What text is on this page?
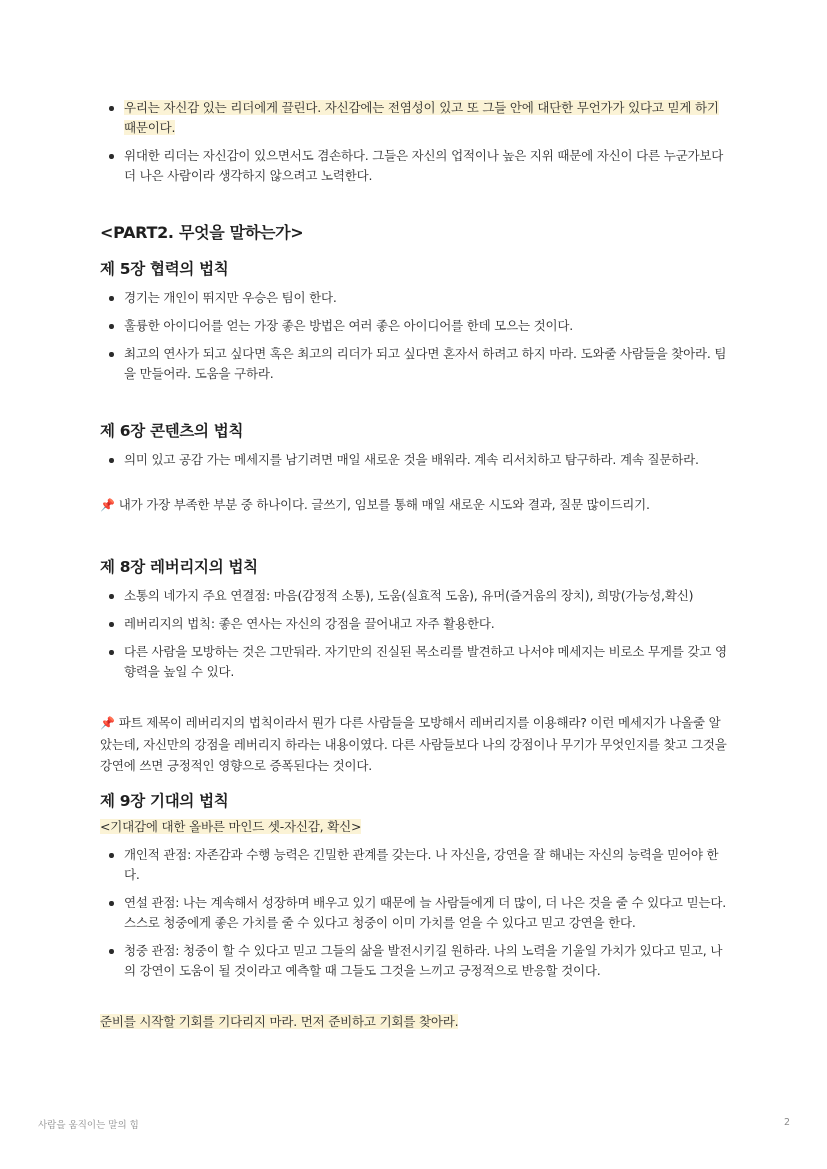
우리는 자신감 있는 리더에게 끌린다. 자신감에는 전염성이 있고 또 그들 안에 대단한 무언가가 있다고 믿게 하기 때문이다.
위대한 리더는 자신감이 있으면서도 겸손하다. 그들은 자신의 업적이나 높은 지위 때문에 자신이 다른 누군가보다 더 나은 사람이라 생각하지 않으려고 노력한다.
<PART2. 무엇을 말하는가>
제 5장 협력의 법칙
경기는 개인이 뛰지만 우승은 팀이 한다.
훌륭한 아이디어를 얻는 가장 좋은 방법은 여러 좋은 아이디어를 한데 모으는 것이다.
최고의 연사가 되고 싶다면 혹은 최고의 리더가 되고 싶다면 혼자서 하려고 하지 마라. 도와줄 사람들을 찾아라. 팀을 만들어라. 도움을 구하라.
제 6장 콘텐츠의 법칙
의미 있고 공감 가는 메세지를 남기려면 매일 새로운 것을 배워라. 계속 리서치하고 탐구하라. 계속 질문하라.

📌 내가 가장 부족한 부분 중 하나이다. 글쓰기, 임보를 통해 매일 새로운 시도와 결과, 질문 많이드리기.

제 8장 레버리지의 법칙
소통의 네가지 주요 연결점: 마음(감정적 소통), 도움(실효적 도움), 유머(즐거움의 장치), 희망(가능성,확신)
레버리지의 법칙: 좋은 연사는 자신의 강점을 끌어내고 자주 활용한다.
다른 사람을 모방하는 것은 그만둬라. 자기만의 진실된 목소리를 발견하고 나서야 메세지는 비로소 무게를 갖고 영향력을 높일 수 있다.

📌 파트 제목이 레버리지의 법칙이라서 뭔가 다른 사람들을 모방해서 레버리지를 이용해라? 이런 메세지가 나올줄 알았는데, 자신만의 강점을 레버리지 하라는 내용이였다. 다른 사람들보다 나의 강점이나 무기가 무엇인지를 찾고 그것을 강연에 쓰면 긍정적인 영향으로 증폭된다는 것이다.

제 9장 기대의 법칙

<기대감에 대한 올바른 마인드 셋-자신감, 확신>

개인적 관점: 자존감과 수행 능력은 긴밀한 관계를 갖는다. 나 자신을, 강연을 잘 해내는 자신의 능력을 믿어야 한다.
연설 관점: 나는 계속해서 성장하며 배우고 있기 때문에 늘 사람들에게 더 많이, 더 나은 것을 줄 수 있다고 믿는다. 스스로 청중에게 좋은 가치를 줄 수 있다고 청중이 이미 가치를 얻을 수 있다고 믿고 강연을 한다.
청중 관점: 청중이 할 수 있다고 믿고 그들의 삶을 발전시키길 원하라. 나의 노력을 기울일 가치가 있다고 믿고, 나의 강연이 도움이 될 것이라고 예측할 때 그들도 그것을 느끼고 긍정적으로 반응할 것이다.

준비를 시작할 기회를 기다리지 마라. 먼저 준비하고 기회를 찾아라.

사람을 움직이는 말의 힘	2
